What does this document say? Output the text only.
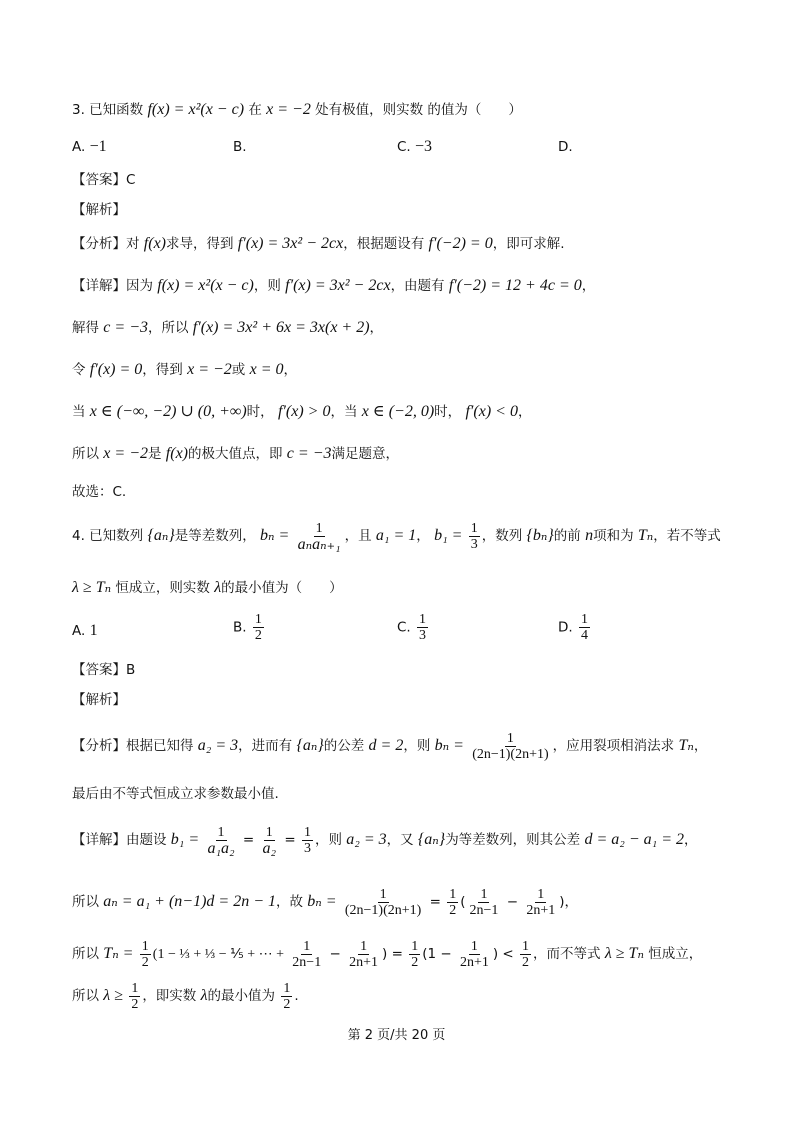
3. 已知函数 f(x) = x²(x − c) 在 x = −2 处有极值，则实数 的值为（　　）
A. −1	B.	C. −3	D.
【答案】C
【解析】
【分析】对 f(x)求导，得到 f′(x) = 3x² − 2cx，根据题设有 f′(−2) = 0，即可求解.
【详解】因为 f(x) = x²(x − c)，则 f′(x) = 3x² − 2cx，由题有 f′(−2) = 12 + 4c = 0，
解得 c = −3，所以 f′(x) = 3x² + 6x = 3x(x + 2)，
令 f′(x) = 0，得到 x = −2或 x = 0，
当 x ∈ (−∞, −2) ∪ (0, +∞)时， f′(x) > 0，当 x ∈ (−2, 0)时， f′(x) < 0，
所以 x = −2是 f(x)的极大值点，即 c = −3满足题意，
故选：C.
4. 已知数列 {aₙ}是等差数列， $b_n = \frac{1}{\text{aₙaₙ₊₁}}$ ，且 a₁ = 1， $b_1 = \frac{1}{3}$ ，数列 {bₙ}的前 n项和为 Tₙ，若不等式
λ ≥ Tₙ 恒成立，则实数 λ的最小值为（　　）
A. 1	B. $\frac{1}{2}$	C. $\frac{1}{3}$	D. $\frac{1}{4}$
【答案】B
【解析】
【分析】根据已知得 a₂ = 3，进而有 {aₙ}的公差 d = 2，则 $b_n = \frac{1}{(2n-1)(2n+1)}$ ，应用裂项相消法求 Tₙ，
最后由不等式恒成立求参数最小值.
【详解】由题设 $b_1 = \frac{1}{\text{a₁a₂}} = \frac{1}{\text{a₂}} = \frac{1}{3}$ ，则 a₂ = 3，又 {aₙ}为等差数列，则其公差 d = a₂ − a₁ = 2，
所以 aₙ = a₁ + (n−1)d = 2n − 1，故 $b_n = \frac{1}{(2n-1)(2n+1)} = \frac{1}{2}$ ( $\frac{1}{2n-1} - \frac{1}{2n+1}$ )，
所以 $T_n = \frac{1}{2} (1$ − ⅓ + ⅓ − ⅕ + ⋯ + $\frac{1}{2n-1} - \frac{1}{2n+1}$ ) = $\frac{1}{2} (1 - \frac{1}{2n+1}$ ) < $\frac{1}{2}$ ，而不等式 λ ≥ Tₙ 恒成立，
所以 $\lambda \ge \frac{1}{2}$ ，即实数 λ的最小值为 $\frac{1}{2}$ .
第 2 页/共 20 页
